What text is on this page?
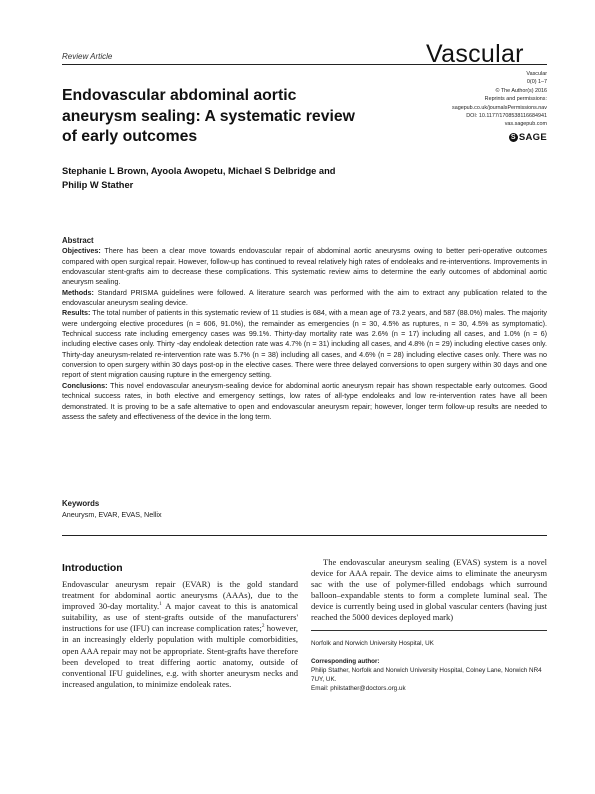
Review Article	Vascular
Vascular
0(0) 1–7
© The Author(s) 2016
Reprints and permissions:
sagepub.co.uk/journalsPermissions.nav
DOI: 10.1177/1708538116684941
vas.sagepub.com
S SAGE
Endovascular abdominal aortic aneurysm sealing: A systematic review of early outcomes
Stephanie L Brown, Ayoola Awopetu, Michael S Delbridge and Philip W Stather
Abstract

Objectives: There has been a clear move towards endovascular repair of abdominal aortic aneurysms owing to better peri-operative outcomes compared with open surgical repair. However, follow-up has continued to reveal relatively high rates of endoleaks and re-interventions. Improvements in endovascular stent-grafts aim to decrease these complications. This systematic review aims to determine the early outcomes of abdominal aortic aneurysm sealing.

Methods: Standard PRISMA guidelines were followed. A literature search was performed with the aim to extract any publication related to the endovascular aneurysm sealing device.

Results: The total number of patients in this systematic review of 11 studies is 684, with a mean age of 73.2 years, and 587 (88.0%) males. The majority were undergoing elective procedures (n = 606, 91.0%), the remainder as emergencies (n = 30, 4.5% as ruptures, n = 30, 4.5% as symptomatic). Technical success rate including emergency cases was 99.1%. Thirty-day mortality rate was 2.6% (n = 17) including all cases, and 1.0% (n = 6) including elective cases only. Thirty -day endoleak detection rate was 4.7% (n = 31) including all cases, and 4.8% (n = 29) including elective cases only. Thirty-day aneurysm-related re-intervention rate was 5.7% (n = 38) including all cases, and 4.6% (n = 28) including elective cases only. There was no conversion to open surgery within 30 days post-op in the elective cases. There were three delayed conversions to open surgery within 30 days and one report of stent migration causing rupture in the emergency setting.

Conclusions: This novel endovascular aneurysm-sealing device for abdominal aortic aneurysm repair has shown respectable early outcomes. Good technical success rates, in both elective and emergency settings, low rates of all-type endoleaks and low re-intervention rates have all been demonstrated. It is proving to be a safe alternative to open and endovascular aneurysm repair; however, longer term follow-up results are needed to assess the safety and effectiveness of the device in the long term.

Keywords
Aneurysm, EVAR, EVAS, Nellix
Introduction
Endovascular aneurysm repair (EVAR) is the gold standard treatment for abdominal aortic aneurysms (AAAs), due to the improved 30-day mortality.$^1$ A major caveat to this is anatomical suitability, as use of stent-grafts outside of the manufacturers' instructions for use (IFU) can increase complication rates;$^2$ however, in an increasingly elderly population with multiple comorbidities, open AAA repair may not be appropriate. Stent-grafts have therefore been developed to treat differing aortic anatomy, outside of conventional IFU guidelines, e.g. with shorter aneurysm necks and increased angulation, to minimize endoleak rates.
The endovascular aneurysm sealing (EVAS) system is a novel device for AAA repair. The device aims to eliminate the aneurysm sac with the use of polymer-filled endobags which surround balloon–expandable stents to form a complete luminal seal. The device is currently being used in global vascular centers (having just reached the 5000 devices deployed mark)
Norfolk and Norwich University Hospital, UK
Corresponding author:
Philip Stather, Norfolk and Norwich University Hospital, Colney Lane, Norwich NR4 7UY, UK.
Email: philstather@doctors.org.uk
